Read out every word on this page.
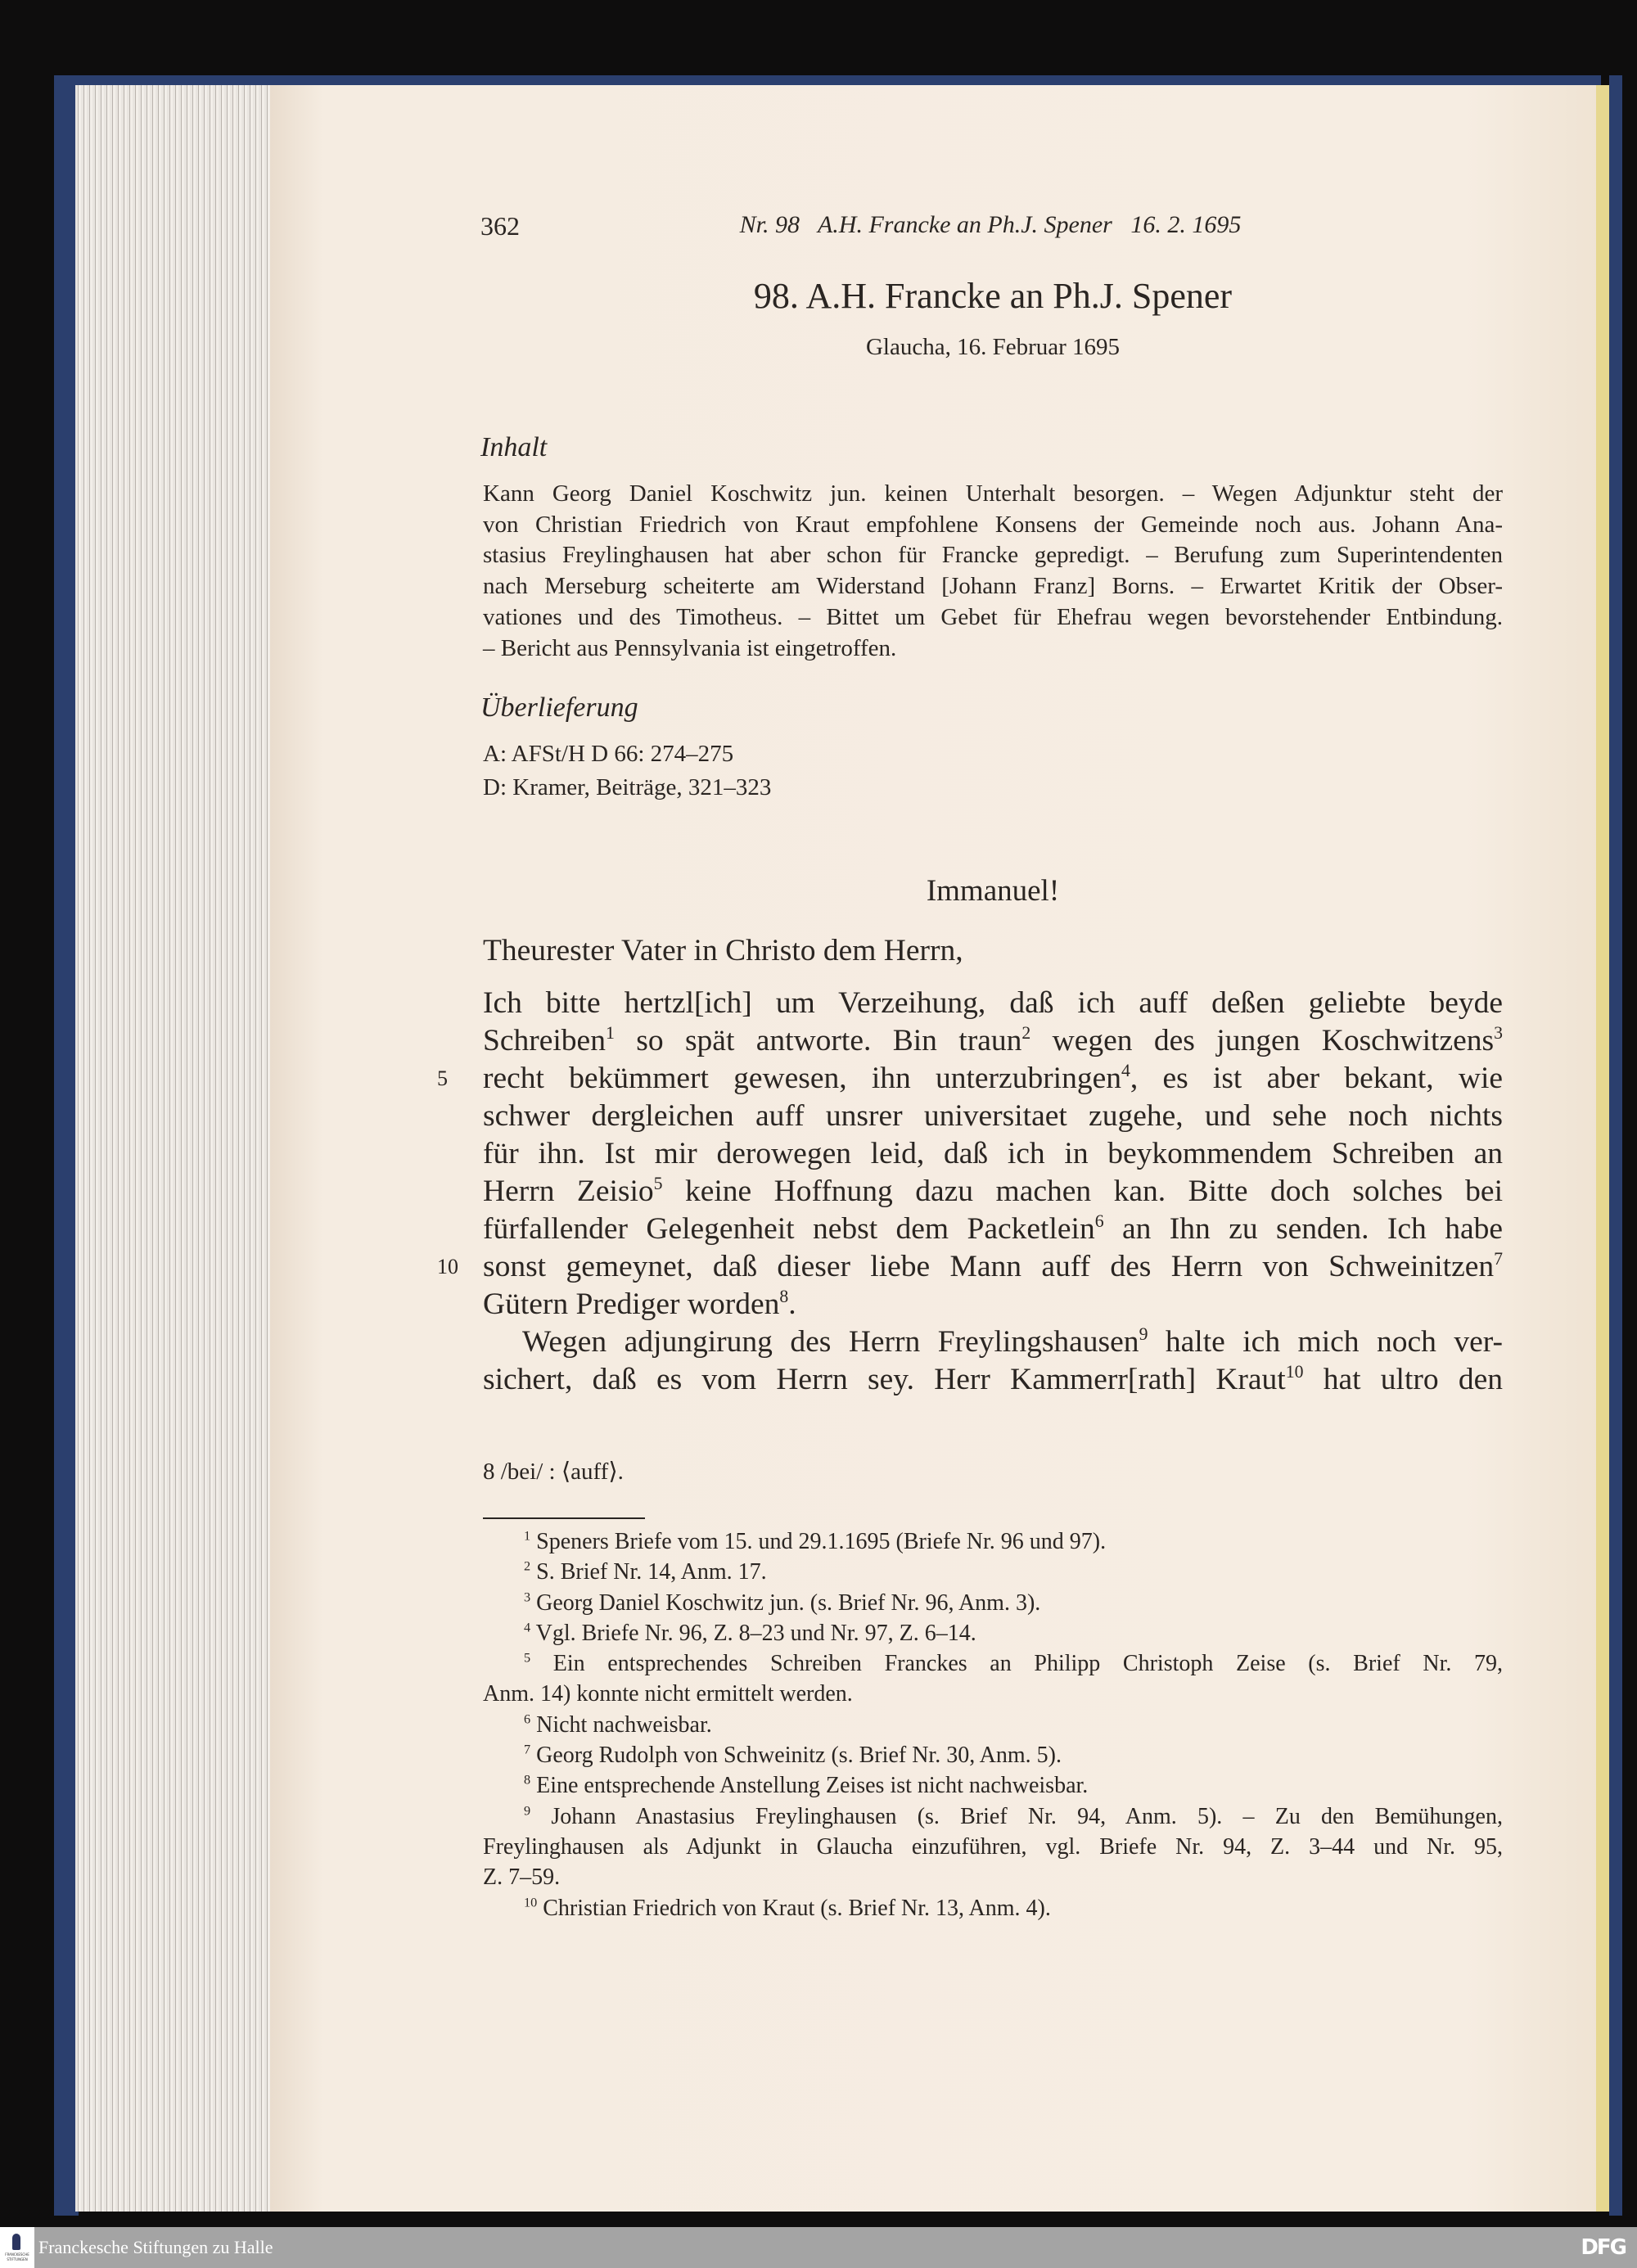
362	Nr. 98   A.H. Francke an Ph.J. Spener   16. 2. 1695
98. A.H. Francke an Ph.J. Spener
Glaucha, 16. Februar 1695
Inhalt
Kann Georg Daniel Koschwitz jun. keinen Unterhalt besorgen. – Wegen Adjunktur steht der
von Christian Friedrich von Kraut empfohlene Konsens der Gemeinde noch aus. Johann Ana-
stasius Freylinghausen hat aber schon für Francke gepredigt. – Berufung zum Superintendenten
nach Merseburg scheiterte am Widerstand [Johann Franz] Borns. – Erwartet Kritik der Obser-
vationes und des Timotheus. – Bittet um Gebet für Ehefrau wegen bevorstehender Entbindung.
– Bericht aus Pennsylvania ist eingetroffen.
Überlieferung
A: AFSt/H D 66: 274–275
D: Kramer, Beiträge, 321–323
Immanuel!
Theurester Vater in Christo dem Herrn,
Ich bitte hertzl[ich] um Verzeihung, daß ich auff deßen geliebte beyde
Schreiben$^1$ so spät antworte. Bin traun$^2$ wegen des jungen Koschwitzens$^3$
5 recht bekümmert gewesen, ihn unterzubringen$^4$, es ist aber bekant, wie
schwer dergleichen auff unsrer universitaet zugehe, und sehe noch nichts
für ihn. Ist mir derowegen leid, daß ich in beykommendem Schreiben an
Herrn Zeisio$^5$ keine Hoffnung dazu machen kan. Bitte doch solches bei
fürfallender Gelegenheit nebst dem Packetlein$^6$ an Ihn zu senden. Ich habe
10 sonst gemeynet, daß dieser liebe Mann auff des Herrn von Schweinitzen$^7$
Gütern Prediger worden$^8$.
Wegen adjungirung des Herrn Freylingshausen$^9$ halte ich mich noch ver-
sichert, daß es vom Herrn sey. Herr Kammerr[rath] Kraut$^{10}$ hat ultro den
8 /bei/ : ⟨auff⟩.
$^1$ Speners Briefe vom 15. und 29.1.1695 (Briefe Nr. 96 und 97).
$^2$ S. Brief Nr. 14, Anm. 17.
$^3$ Georg Daniel Koschwitz jun. (s. Brief Nr. 96, Anm. 3).
$^4$ Vgl. Briefe Nr. 96, Z. 8–23 und Nr. 97, Z. 6–14.
$^5$ Ein entsprechendes Schreiben Franckes an Philipp Christoph Zeise (s. Brief Nr. 79,
Anm. 14) konnte nicht ermittelt werden.
$^6$ Nicht nachweisbar.
$^7$ Georg Rudolph von Schweinitz (s. Brief Nr. 30, Anm. 5).
$^8$ Eine entsprechende Anstellung Zeises ist nicht nachweisbar.
$^9$ Johann Anastasius Freylinghausen (s. Brief Nr. 94, Anm. 5). – Zu den Bemühungen,
Freylinghausen als Adjunkt in Glaucha einzuführen, vgl. Briefe Nr. 94, Z. 3–44 und Nr. 95,
Z. 7–59.
$^{10}$ Christian Friedrich von Kraut (s. Brief Nr. 13, Anm. 4).
FRANCKESCHE STIFTUNGEN
Franckesche Stiftungen zu Halle	DFG
